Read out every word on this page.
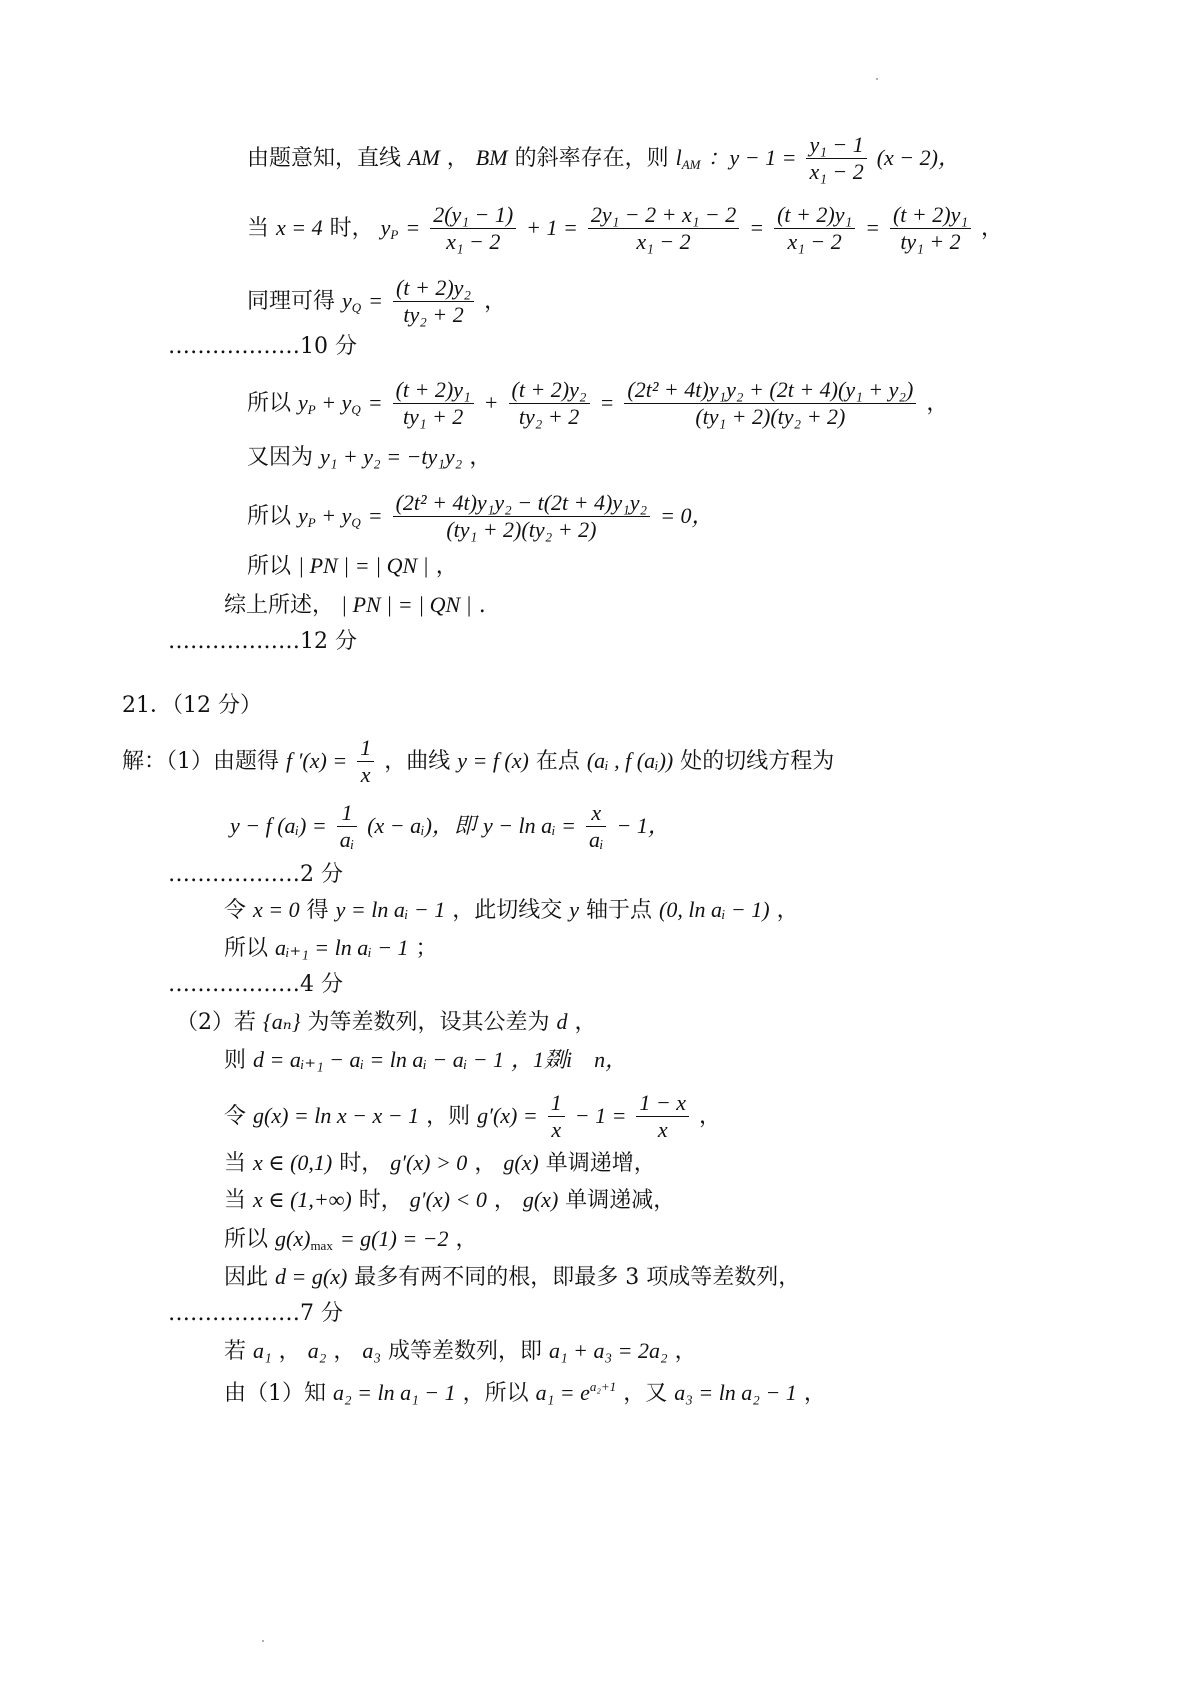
由题意知，直线 AM ， BM 的斜率存在，则 $l_{AM}$ ：$y - 1 = \frac{\text{y₁ − 1}}{\text{x₁ − 2}} (x - 2)$，
当 x = 4 时， $y_P = \frac{\text{2(y₁ − 1)}}{\text{x₁ − 2}} + 1 = \frac{\text{2y₁ − 2 + x₁ − 2}}{\text{x₁ − 2}} = \frac{\text{(t + 2)y₁}}{\text{x₁ − 2}} = \frac{\text{(t + 2)y₁}}{\text{ty₁ + 2}}$ ，
同理可得 $y_Q = \frac{\text{(t + 2)y₂}}{\text{ty₂ + 2}}$ ，
………………10 分
所以 $y_P + y_Q = \frac{\text{(t + 2)y₁}}{\text{ty₁ + 2}} + \frac{\text{(t + 2)y₂}}{\text{ty₂ + 2}} = \frac{\text{(2t² + 4t)y₁y₂ + (2t + 4)(y₁ + y₂)}}{\text{(ty₁ + 2)(ty₂ + 2)}}$ ，
又因为 y₁ + y₂ = −ty₁y₂ ，
所以 $y_P + y_Q = \frac{\text{(2t² + 4t)y₁y₂ − t(2t + 4)y₁y₂}}{\text{(ty₁ + 2)(ty₂ + 2)}} = 0$，
所以 | PN | = | QN | ，
综上所述， | PN | = | QN | .
………………12 分
21．（12 分）
解：（1）由题得 f $'(x) = \frac{1}{x}$ ，曲线 y = f (x) 在点 (aᵢ , f (aᵢ)) 处的切线方程为
y − f (aᵢ) = $\frac{1}{\text{aᵢ}} (x$ − aᵢ)，即 y − ln aᵢ = $\frac{x}{\text{aᵢ}} - 1$，
………………2 分
令 x = 0 得 y = ln aᵢ − 1 ，此切线交 y 轴于点 (0, ln aᵢ − 1) ，
所以 aᵢ₊₁ = ln aᵢ − 1 ；
………………4 分
（2）若 {aₙ} 为等差数列，设其公差为 d ，
则 d = aᵢ₊₁ − aᵢ = ln aᵢ − aᵢ − 1 ，1剟i　n，
令 g(x) = ln x − x − 1 ，则 $g'(x) = \frac{1}{x} - 1 = \frac{1 - x}{x}$ ，
当 x ∈ (0,1) 时， g′(x) > 0 ， g(x) 单调递增，
当 x ∈ (1,+∞) 时， g′(x) < 0 ， g(x) 单调递减，
所以 $g(x)_{max} = g(1) = -2$ ，
因此 d = g(x) 最多有两不同的根，即最多 3 项成等差数列，
………………7 分
若 a₁ ， a₂ ， a₃ 成等差数列，即 a₁ + a₃ = 2a₂ ，
由（1）知 a₂ = ln a₁ − 1 ，所以 $a_1 = e^{a_2+1}$ ，又 a₃ = ln a₂ − 1 ，
